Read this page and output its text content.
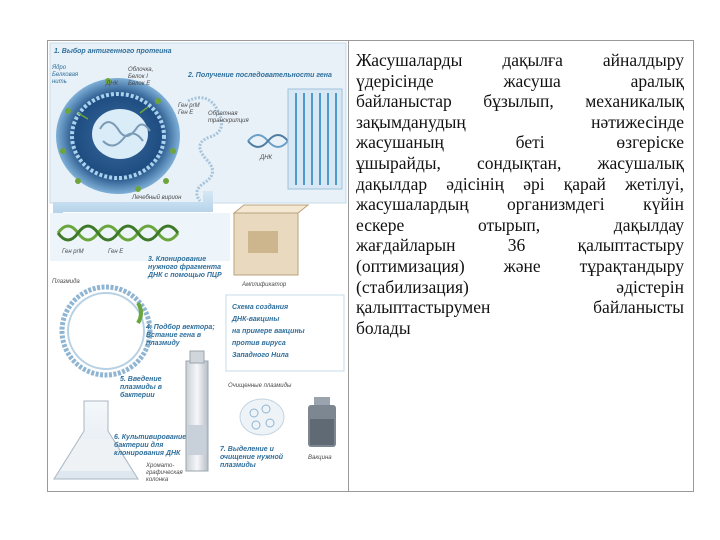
1. Выбор антигенного протеина
2. Получение последовательности гена
Ядро
Белковая
нить	ДНК
Облочка,
Белок I
Белок Е
Ген prM
Ген E Обратная
транскрипция
ДНК
Лечебный вирион
Ген prM	Ген E
Амплификатор
3. Клонирование
нужного фрагмента
ДНК с помощью ПЦР
Плазмида
4. Подбор вектора;
Встание гена в
плазмиду
Схема создания
ДНК-вакцины
на примере вакцины
против вируса
Западного Нила
5. Введение
плазмиды в
бактерии
6. Культивирование
бактерии для
клонирования ДНК
Хромато-
графическая
колонка
Очищенные плазмиды
Вакцина
7. Выделение и
очищение нужной
плазмиды
Жасушаларды дақылға айналдыру
үдерісінде	жасуша	аралық
байланыстар бұзылып, механикалық
зақымданудың	нәтижесінде
жасушаның	беті	өзгеріске
ұшырайды, сондықтан, жасушалық
дақылдар әдісінің әрі қарай жетілуі,
жасушалардың организмдегі күйін
ескере	отырып,	дақылдау
жағдайларын	36	қалыптастыру
(оптимизация) және тұрақтандыру
(стабилизация)	әдістерін
қалыптастырумен	байланысты
болады
